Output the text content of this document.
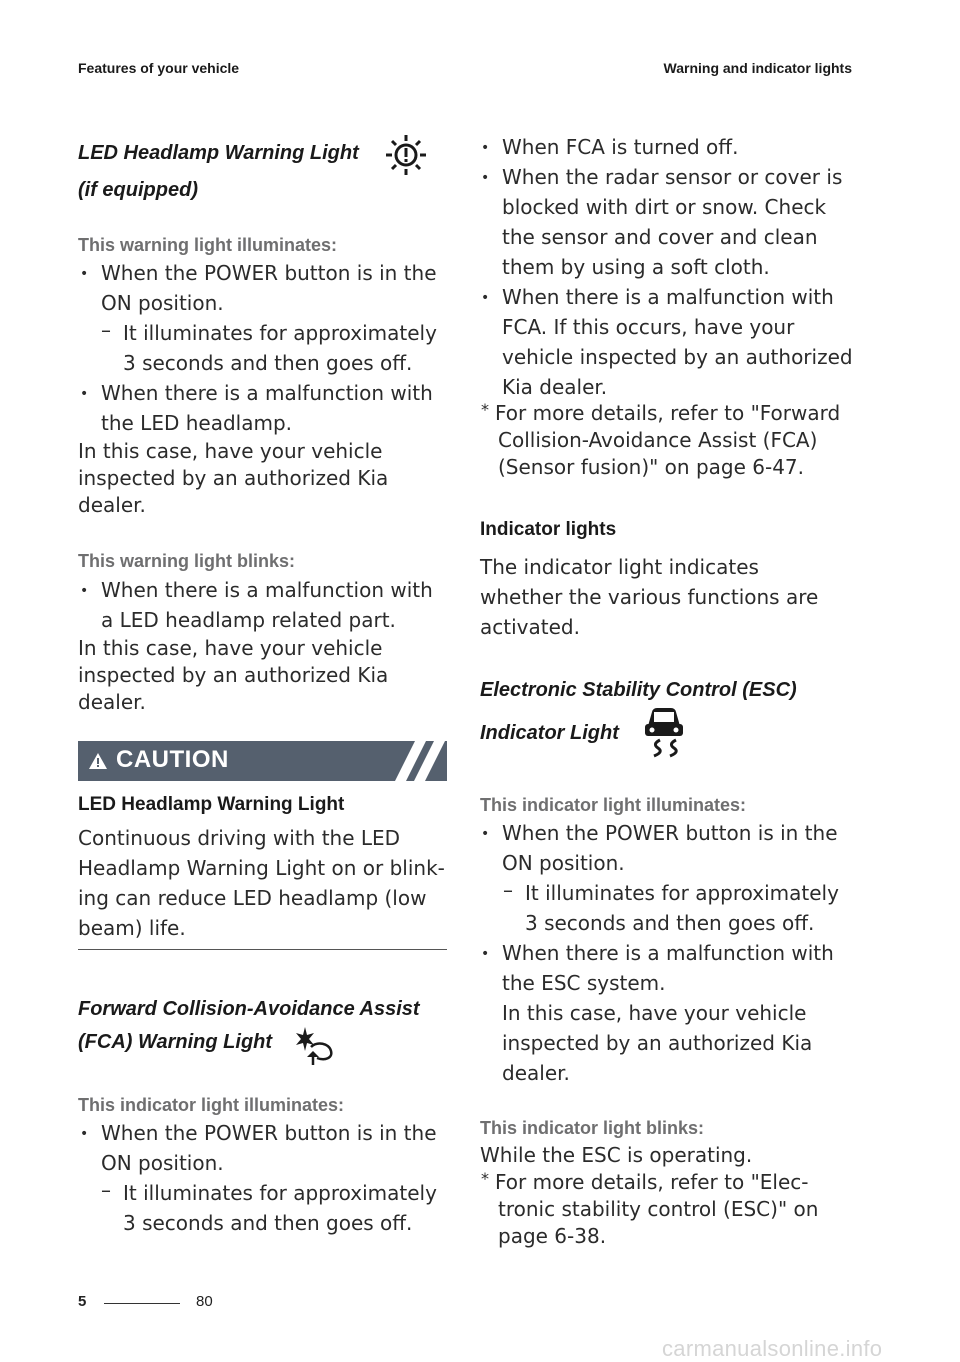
Features of your vehicle	Warning and indicator lights
LED Headlamp Warning Light
(if equipped)
This warning light illuminates:
• When the POWER button is in the
ON position.
– It illuminates for approximately
3 seconds and then goes off.
• When there is a malfunction with
the LED headlamp.
In this case, have your vehicle
inspected by an authorized Kia
dealer.
This warning light blinks:
• When there is a malfunction with
a LED headlamp related part.
In this case, have your vehicle
inspected by an authorized Kia
dealer.
CAUTION
LED Headlamp Warning Light
Continuous driving with the LED
Headlamp Warning Light on or blink-
ing can reduce LED headlamp (low
beam) life.
Forward Collision-Avoidance Assist
(FCA) Warning Light
This indicator light illuminates:
• When the POWER button is in the
ON position.
– It illuminates for approximately
3 seconds and then goes off.
• When FCA is turned off.
• When the radar sensor or cover is
blocked with dirt or snow. Check
the sensor and cover and clean
them by using a soft cloth.
• When there is a malfunction with
FCA. If this occurs, have your
vehicle inspected by an authorized
Kia dealer.
* For more details, refer to "Forward
Collision-Avoidance Assist (FCA)
(Sensor fusion)" on page 6-47.
Indicator lights
The indicator light indicates
whether the various functions are
activated.
Electronic Stability Control (ESC)
Indicator Light
This indicator light illuminates:
• When the POWER button is in the
ON position.
– It illuminates for approximately
3 seconds and then goes off.
• When there is a malfunction with
the ESC system.
In this case, have your vehicle
inspected by an authorized Kia
dealer.
This indicator light blinks:
While the ESC is operating.
* For more details, refer to "Elec-
tronic stability control (ESC)" on
page 6-38.
5	80
carmanualsonline.info
